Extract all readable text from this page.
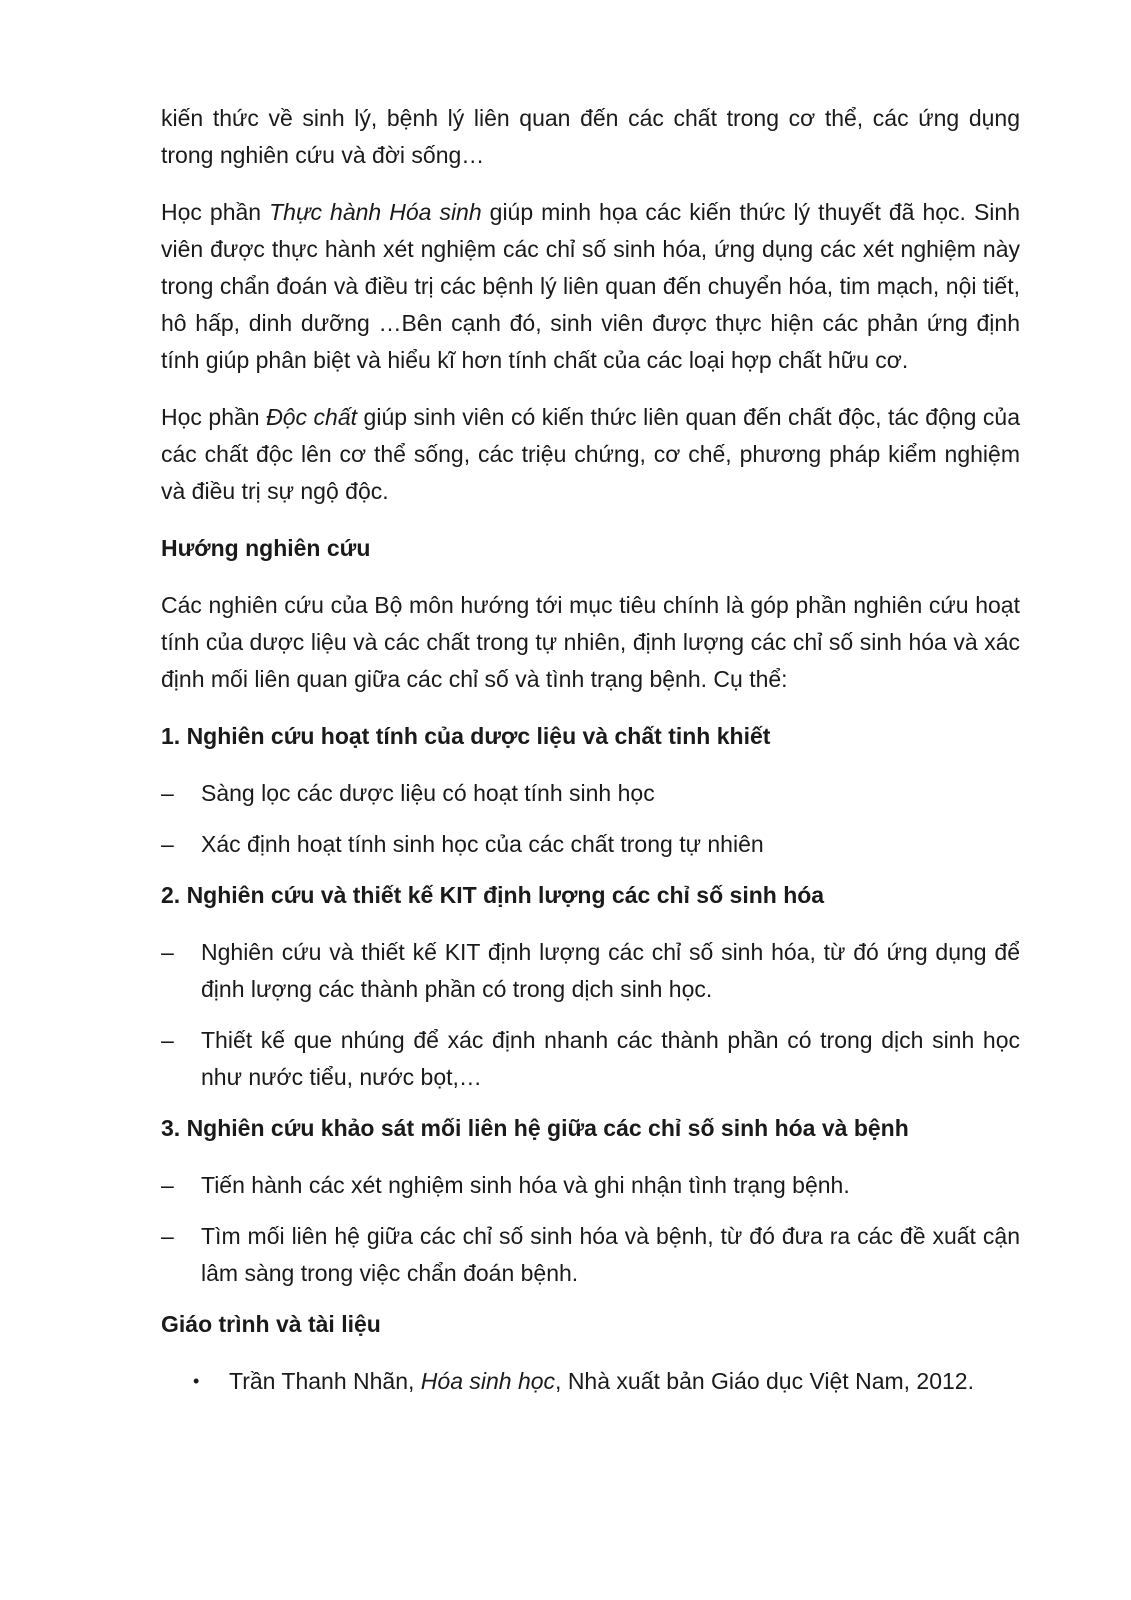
kiến thức về sinh lý, bệnh lý liên quan đến các chất trong cơ thể, các ứng dụng trong nghiên cứu và đời sống…

Học phần Thực hành Hóa sinh giúp minh họa các kiến thức lý thuyết đã học. Sinh viên được thực hành xét nghiệm các chỉ số sinh hóa, ứng dụng các xét nghiệm này trong chẩn đoán và điều trị các bệnh lý liên quan đến chuyển hóa, tim mạch, nội tiết, hô hấp, dinh dưỡng …Bên cạnh đó, sinh viên được thực hiện các phản ứng định tính giúp phân biệt và hiểu kĩ hơn tính chất của các loại hợp chất hữu cơ.

Học phần Độc chất giúp sinh viên có kiến thức liên quan đến chất độc, tác động của các chất độc lên cơ thể sống, các triệu chứng, cơ chế, phương pháp kiểm nghiệm và điều trị sự ngộ độc.

Hướng nghiên cứu

Các nghiên cứu của Bộ môn hướng tới mục tiêu chính là góp phần nghiên cứu hoạt tính của dược liệu và các chất trong tự nhiên, định lượng các chỉ số sinh hóa và xác định mối liên quan giữa các chỉ số và tình trạng bệnh. Cụ thể:

1. Nghiên cứu hoạt tính của dược liệu và chất tinh khiết
–	Sàng lọc các dược liệu có hoạt tính sinh học
–	Xác định hoạt tính sinh học của các chất trong tự nhiên
2. Nghiên cứu và thiết kế KIT định lượng các chỉ số sinh hóa
–	Nghiên cứu và thiết kế KIT định lượng các chỉ số sinh hóa, từ đó ứng dụng để định lượng các thành phần có trong dịch sinh học.
–	Thiết kế que nhúng để xác định nhanh các thành phần có trong dịch sinh học như nước tiểu, nước bọt,…
3. Nghiên cứu khảo sát mối liên hệ giữa các chỉ số sinh hóa và bệnh
–	Tiến hành các xét nghiệm sinh hóa và ghi nhận tình trạng bệnh.
–	Tìm mối liên hệ giữa các chỉ số sinh hóa và bệnh, từ đó đưa ra các đề xuất cận lâm sàng trong việc chẩn đoán bệnh.
Giáo trình và tài liệu
•	Trần Thanh Nhãn, Hóa sinh học, Nhà xuất bản Giáo dục Việt Nam, 2012.
